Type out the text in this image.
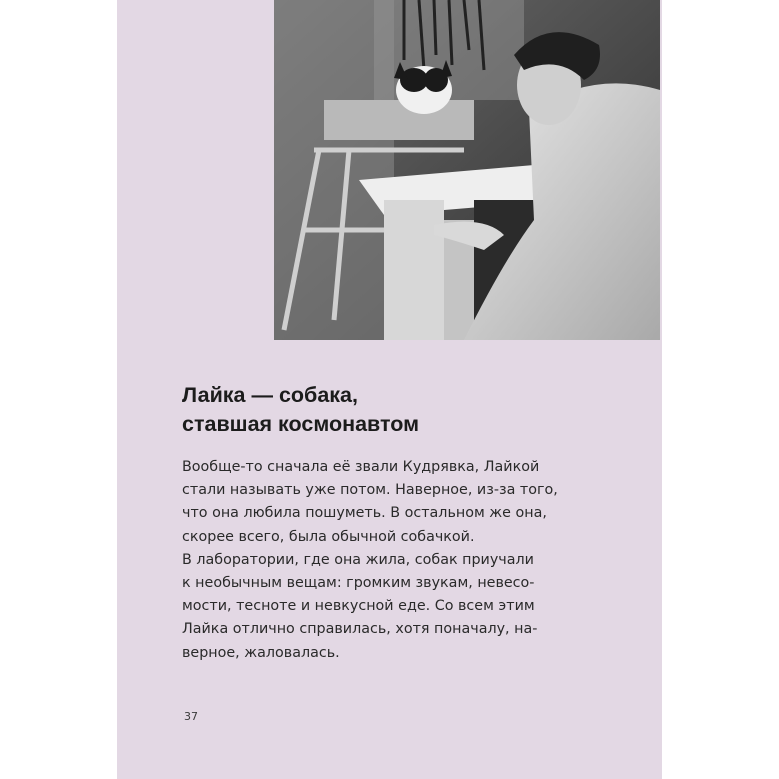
Лайка — собака,
ставшая космонавтом
Вообще-то сначала её звали Кудрявка, Лайкой
стали называть уже потом. Наверное, из-за того,
что она любила пошуметь. В остальном же она,
скорее всего, была обычной собачкой.
В лаборатории, где она жила, собак приучали
к необычным вещам: громким звукам, невесо-
мости, тесноте и невкусной еде. Со всем этим
Лайка отлично справилась, хотя поначалу, на-
верное, жаловалась.
37
